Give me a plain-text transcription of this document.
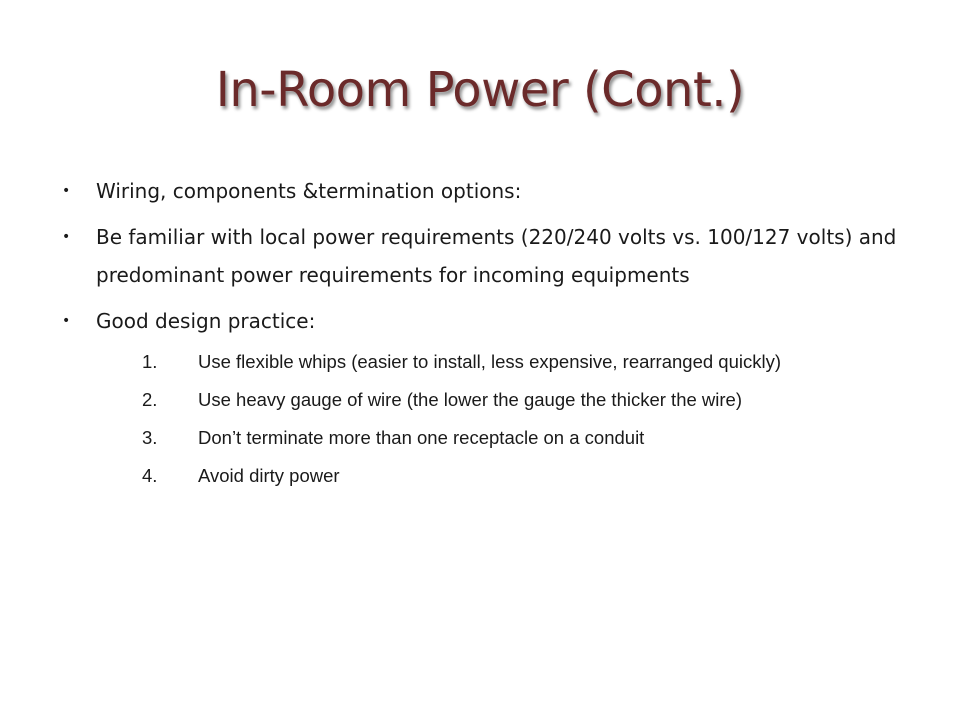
In-Room Power (Cont.)
• Wiring, components &termination options:
• Be familiar with local power requirements (220/240 volts vs. 100/127 volts) and predominant power requirements for incoming equipments
• Good design practice:
1. Use flexible whips (easier to install, less expensive, rearranged quickly)
2. Use heavy gauge of wire (the lower the gauge the thicker the wire)
3. Don’t terminate more than one receptacle on a conduit
4. Avoid dirty power
